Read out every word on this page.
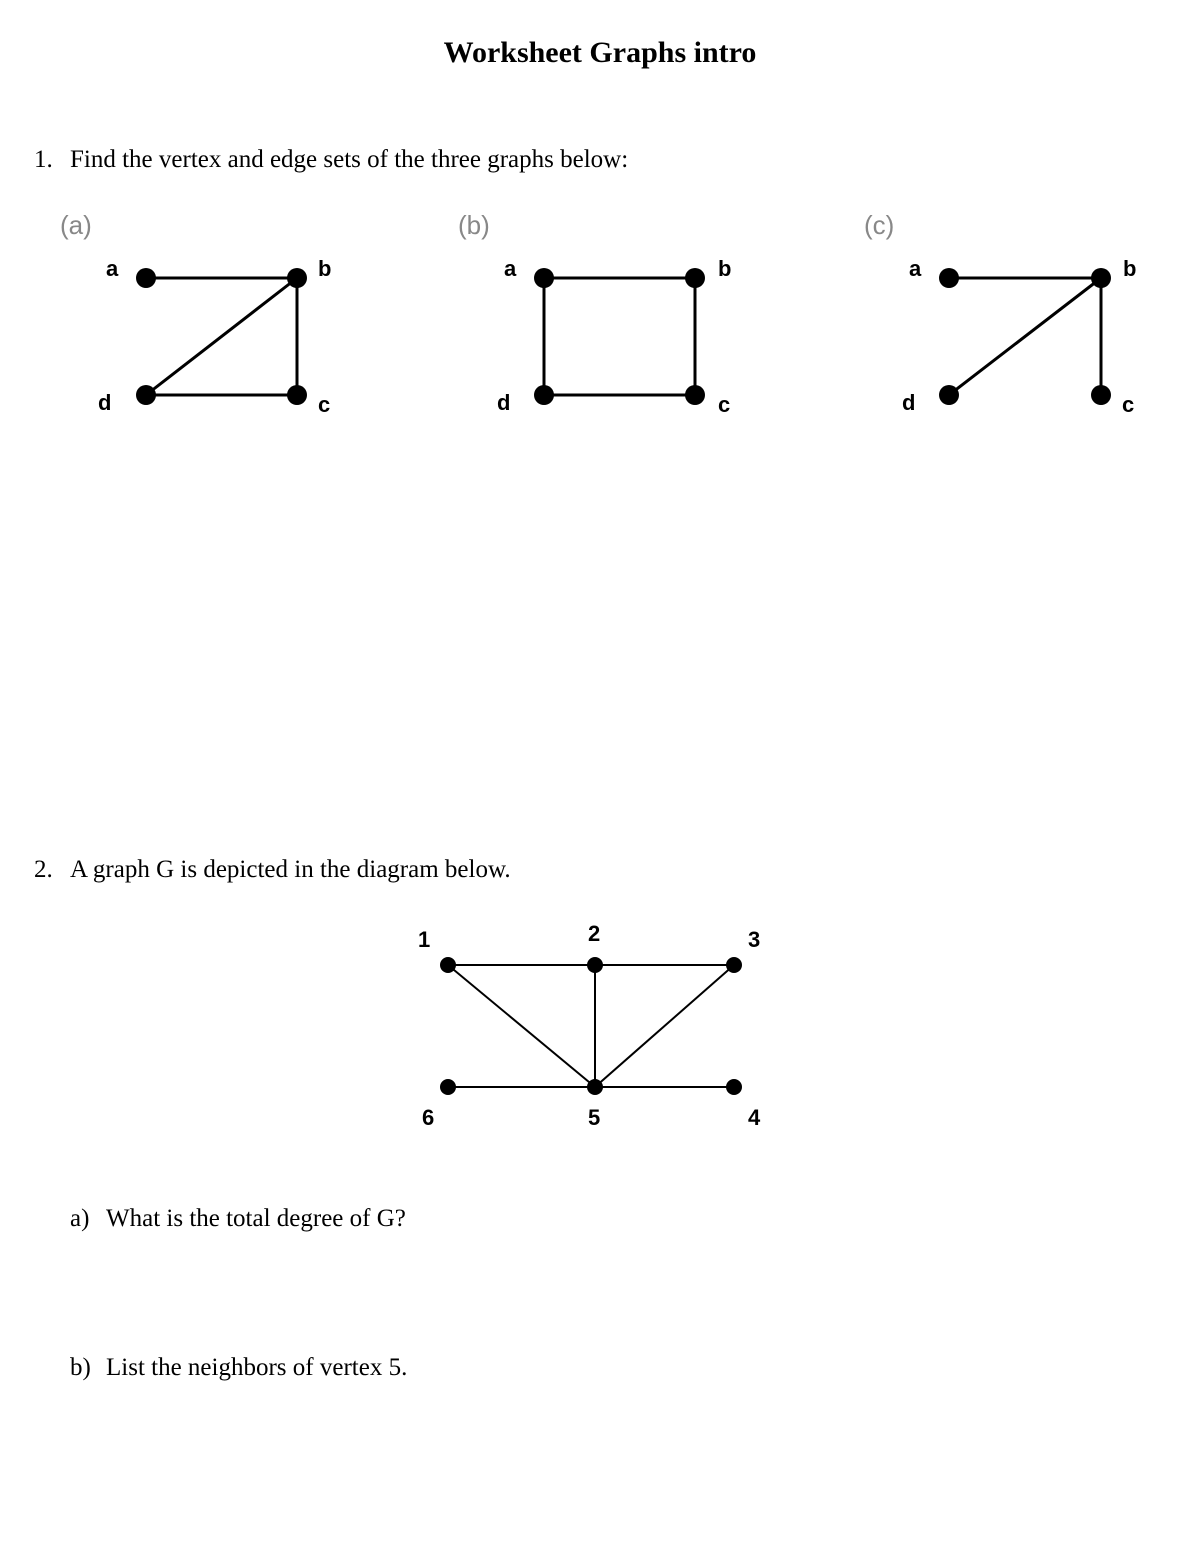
Worksheet Graphs intro
1. Find the vertex and edge sets of the three graphs below:
(a)
a	b
c
d
(b)
a	b
c
d
(c)
a	b
c
d
2. A graph G is depicted in the diagram below.
1	2	3
4
5
6
a) What is the total degree of G?
b) List the neighbors of vertex 5.
